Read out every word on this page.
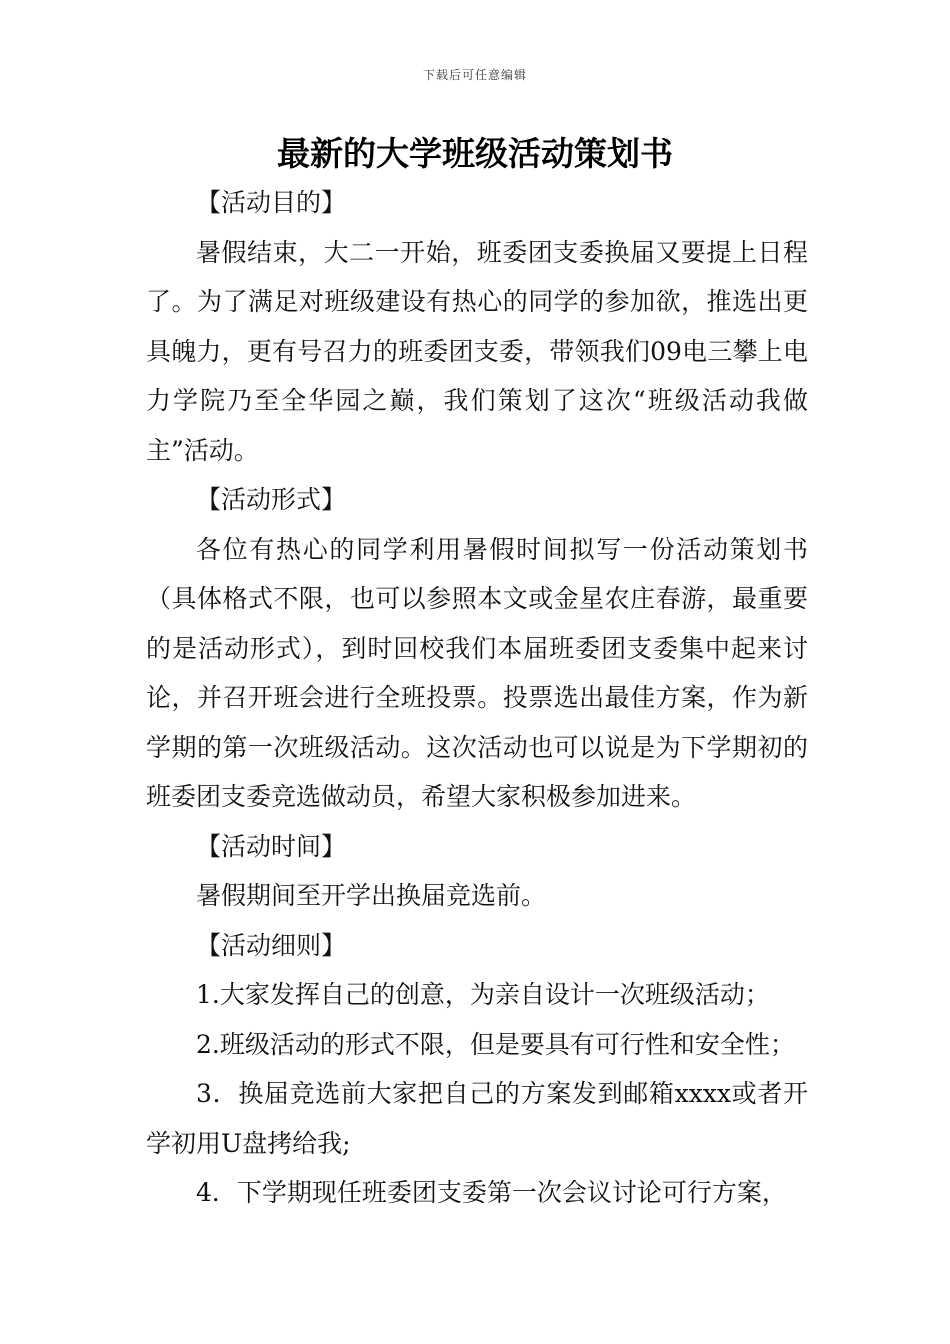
下载后可任意编辑
最新的大学班级活动策划书

【活动目的】

暑假结束，大二一开始，班委团支委换届又要提上日程了。为了满足对班级建设有热心的同学的参加欲，推选出更具魄力，更有号召力的班委团支委，带领我们09电三攀上电力学院乃至全华园之巅，我们策划了这次“班级活动我做主”活动。

【活动形式】

各位有热心的同学利用暑假时间拟写一份活动策划书（具体格式不限，也可以参照本文或金星农庄春游，最重要的是活动形式），到时回校我们本届班委团支委集中起来讨论，并召开班会进行全班投票。投票选出最佳方案，作为新学期的第一次班级活动。这次活动也可以说是为下学期初的班委团支委竞选做动员，希望大家积极参加进来。

【活动时间】

暑假期间至开学出换届竞选前。

【活动细则】

1.大家发挥自己的创意，为亲自设计一次班级活动；

2.班级活动的形式不限，但是要具有可行性和安全性；

3．换届竞选前大家把自己的方案发到邮箱xxxx或者开学初用U盘拷给我;

4．下学期现任班委团支委第一次会议讨论可行方案，
